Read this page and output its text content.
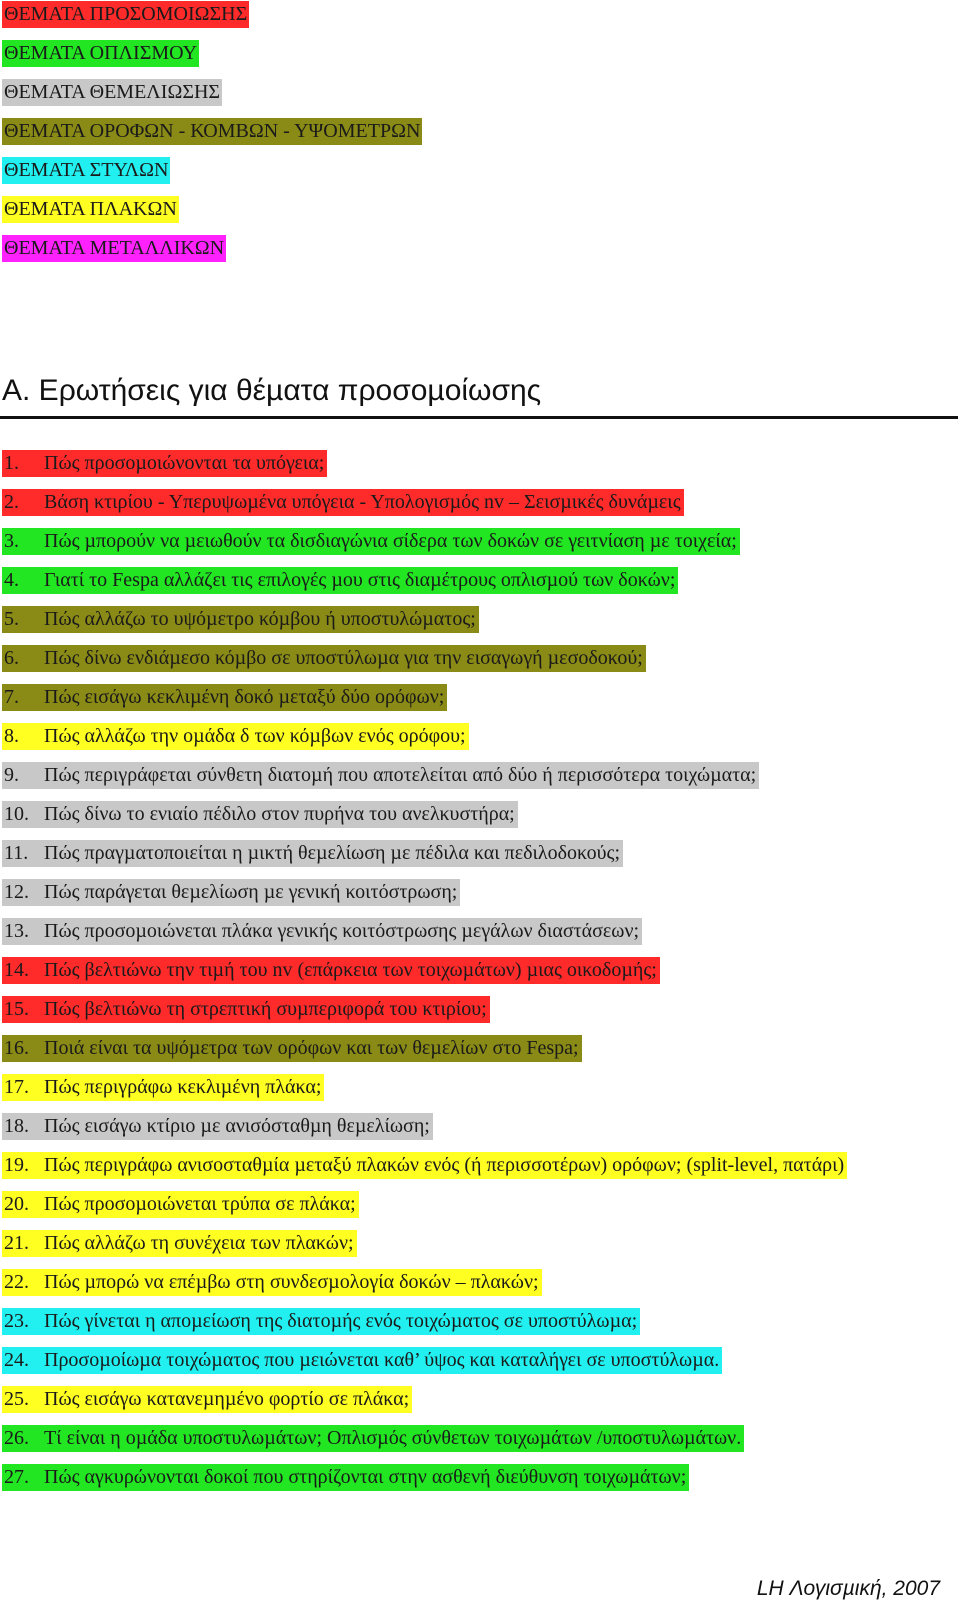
ΘΕΜΑΤΑ ΠΡΟΣΟΜΟΙΩΣΗΣ
ΘΕΜΑΤΑ ΟΠΛΙΣΜΟΥ
ΘΕΜΑΤΑ ΘΕΜΕΛΙΩΣΗΣ
ΘΕΜΑΤΑ ΟΡΟΦΩΝ - ΚΟΜΒΩΝ - ΥΨΟΜΕΤΡΩΝ
ΘΕΜΑΤΑ ΣΤΥΛΩΝ
ΘΕΜΑΤΑ ΠΛΑΚΩΝ
ΘΕΜΑΤΑ ΜΕΤΑΛΛΙΚΩΝ
Α. Ερωτήσεις για θέµατα προσοµοίωσης
1. Πώς προσοµοιώνονται τα υπόγεια;
2. Βάση κτιρίου - Υπερυψωµένα υπόγεια - Υπολογισµός nv – Σεισµικές δυνάµεις
3. Πώς µπορούν να µειωθούν τα δισδιαγώνια σίδερα των δοκών σε γειτνίαση µε τοιχεία;
4. Γιατί το Fespa αλλάζει τις επιλογές µου στις διαµέτρους οπλισµού των δοκών;
5. Πώς αλλάζω το υψόµετρο κόµβου ή υποστυλώµατος;
6. Πώς δίνω ενδιάµεσο κόµβο σε υποστύλωµα για την εισαγωγή µεσοδοκού;
7. Πώς εισάγω κεκλιµένη δοκό µεταξύ δύο ορόφων;
8. Πώς αλλάζω την οµάδα δ των κόµβων ενός ορόφου;
9. Πώς περιγράφεται σύνθετη διατοµή που αποτελείται από δύο ή περισσότερα τοιχώµατα;
10. Πώς δίνω το ενιαίο πέδιλο στον πυρήνα του ανελκυστήρα;
11. Πώς πραγµατοποιείται η µικτή θεµελίωση µε πέδιλα και πεδιλοδοκούς;
12. Πώς παράγεται θεµελίωση µε γενική κοιτόστρωση;
13. Πώς προσοµοιώνεται πλάκα γενικής κοιτόστρωσης µεγάλων διαστάσεων;
14. Πώς βελτιώνω την τιµή του nv (επάρκεια των τοιχωµάτων) µιας οικοδοµής;
15. Πώς βελτιώνω τη στρεπτική συµπεριφορά του κτιρίου;
16. Ποιά είναι τα υψόµετρα των ορόφων και των θεµελίων στο Fespa;
17. Πώς περιγράφω κεκλιµένη πλάκα;
18. Πώς εισάγω κτίριο µε ανισόσταθµη θεµελίωση;
19. Πώς περιγράφω ανισοσταθµία µεταξύ πλακών ενός (ή περισσοτέρων) ορόφων; (split-level, πατάρι)
20. Πώς προσοµοιώνεται τρύπα σε πλάκα;
21. Πώς αλλάζω τη συνέχεια των πλακών;
22. Πώς µπορώ να επέµβω στη συνδεσµολογία δοκών – πλακών;
23. Πώς γίνεται η αποµείωση της διατοµής ενός τοιχώµατος σε υποστύλωµα;
24. Προσοµοίωµα τοιχώµατος που µειώνεται καθ’ ύψος και καταλήγει σε υποστύλωµα.
25. Πώς εισάγω κατανεµηµένο φορτίο σε πλάκα;
26. Τί είναι η οµάδα υποστυλωµάτων; Οπλισµός σύνθετων τοιχωµάτων /υποστυλωµάτων.
27. Πώς αγκυρώνονται δοκοί που στηρίζονται στην ασθενή διεύθυνση τοιχωµάτων;
LH Λογισµική, 2007
